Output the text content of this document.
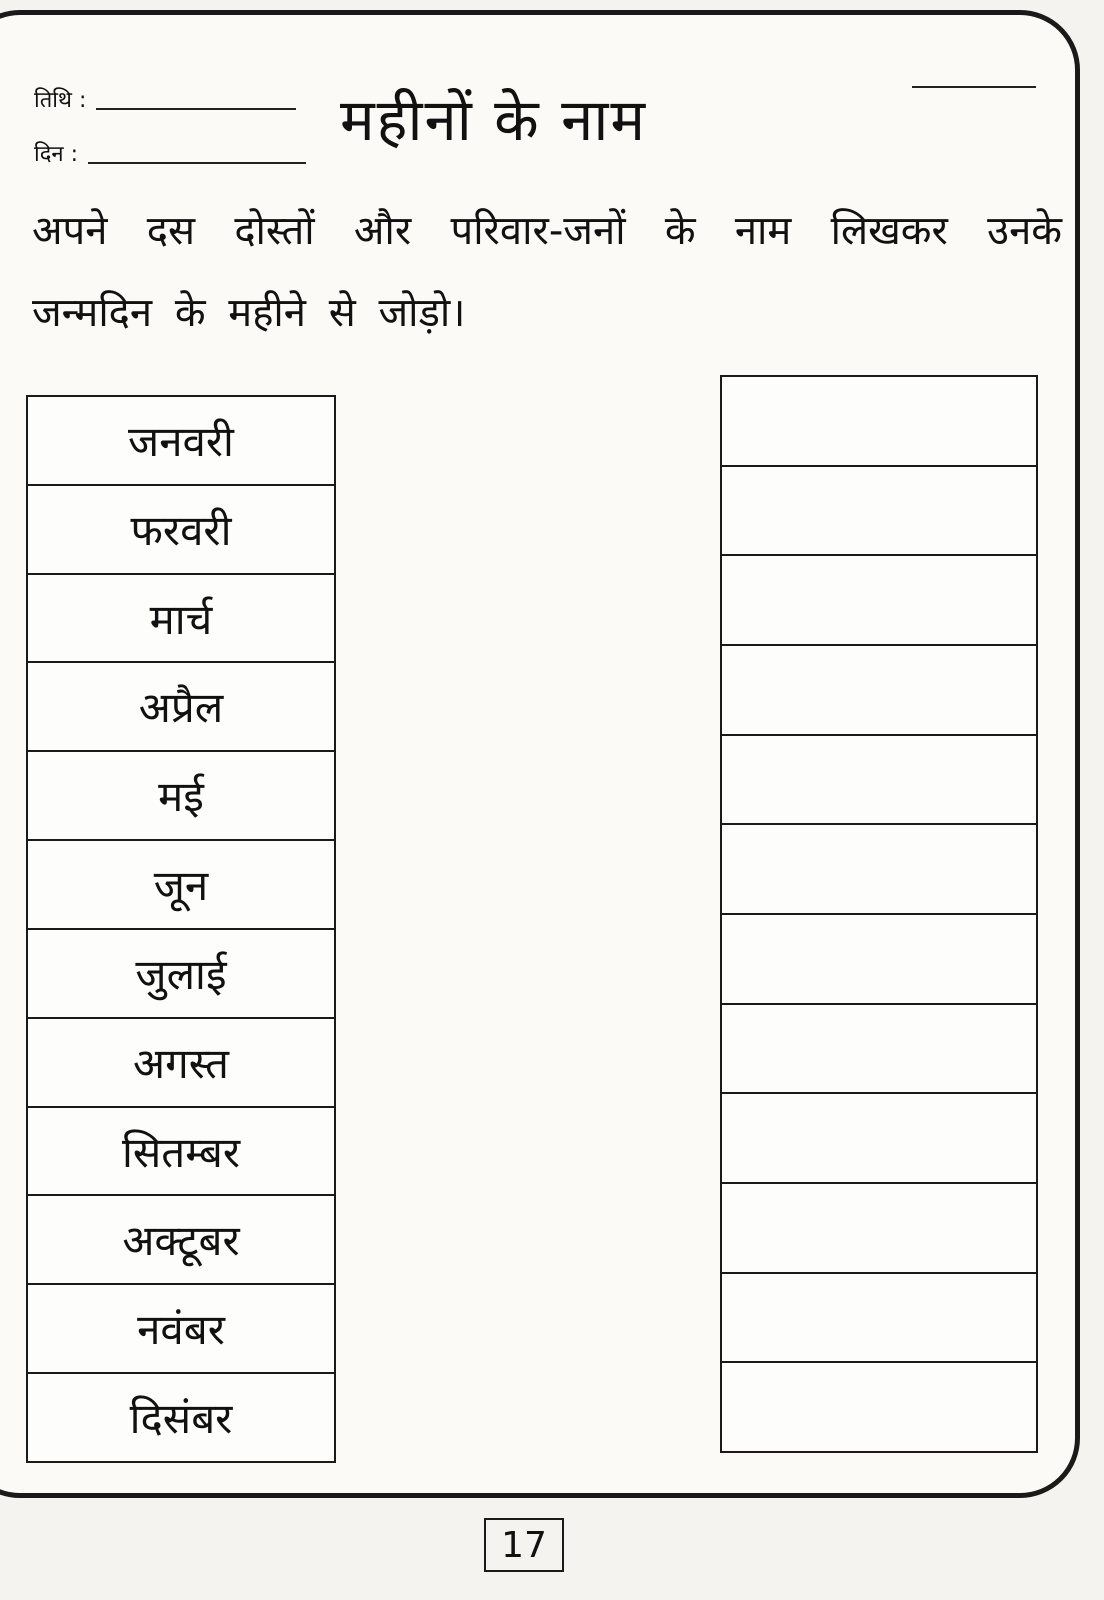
तिथि :
दिन :
महीनों के नाम

अपने दस दोस्तों और परिवार-जनों के नाम लिखकर उनके जन्मदिन के महीने से जोड़ो।

जनवरी
फरवरी
मार्च
अप्रैल
मई
जून
जुलाई
अगस्त
सितम्बर
अक्टूबर
नवंबर
दिसंबर
17
